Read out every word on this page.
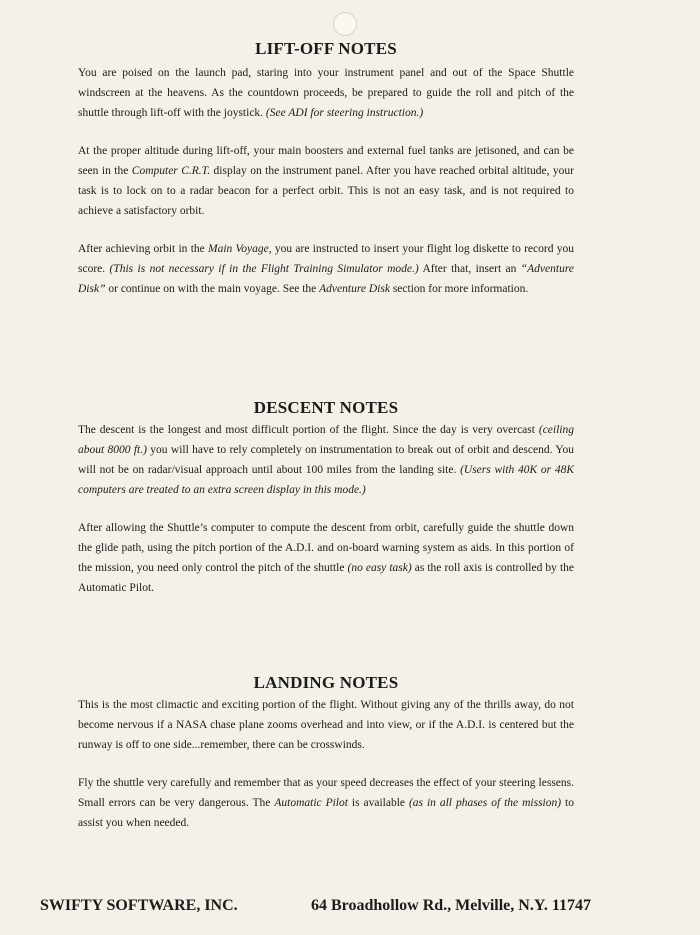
LIFT-OFF NOTES

You are poised on the launch pad, staring into your instrument panel and out of the Space Shuttle windscreen at the heavens. As the countdown proceeds, be prepared to guide the roll and pitch of the shuttle through lift-off with the joystick. (See ADI for steering instruction.)

At the proper altitude during lift-off, your main boosters and external fuel tanks are jetisoned, and can be seen in the Computer C.R.T. display on the instrument panel. After you have reached orbital altitude, your task is to lock on to a radar beacon for a perfect orbit. This is not an easy task, and is not required to achieve a satisfactory orbit.

After achieving orbit in the Main Voyage, you are instructed to insert your flight log diskette to record you score. (This is not necessary if in the Flight Training Simulator mode.) After that, insert an “Adventure Disk” or continue on with the main voyage. See the Adventure Disk section for more information.

DESCENT NOTES

The descent is the longest and most difficult portion of the flight. Since the day is very overcast (ceiling about 8000 ft.) you will have to rely completely on instrumentation to break out of orbit and descend. You will not be on radar/visual approach until about 100 miles from the landing site. (Users with 40K or 48K computers are treated to an extra screen display in this mode.)

After allowing the Shuttle’s computer to compute the descent from orbit, carefully guide the shuttle down the glide path, using the pitch portion of the A.D.I. and on-board warning system as aids. In this portion of the mission, you need only control the pitch of the shuttle (no easy task) as the roll axis is controlled by the Automatic Pilot.

LANDING NOTES

This is the most climactic and exciting portion of the flight. Without giving any of the thrills away, do not become nervous if a NASA chase plane zooms overhead and into view, or if the A.D.I. is centered but the runway is off to one side...remember, there can be crosswinds.

Fly the shuttle very carefully and remember that as your speed decreases the effect of your steering lessens. Small errors can be very dangerous. The Automatic Pilot is available (as in all phases of the mission) to assist you when needed.

SWIFTY SOFTWARE, INC.	64 Broadhollow Rd., Melville, N.Y. 11747
